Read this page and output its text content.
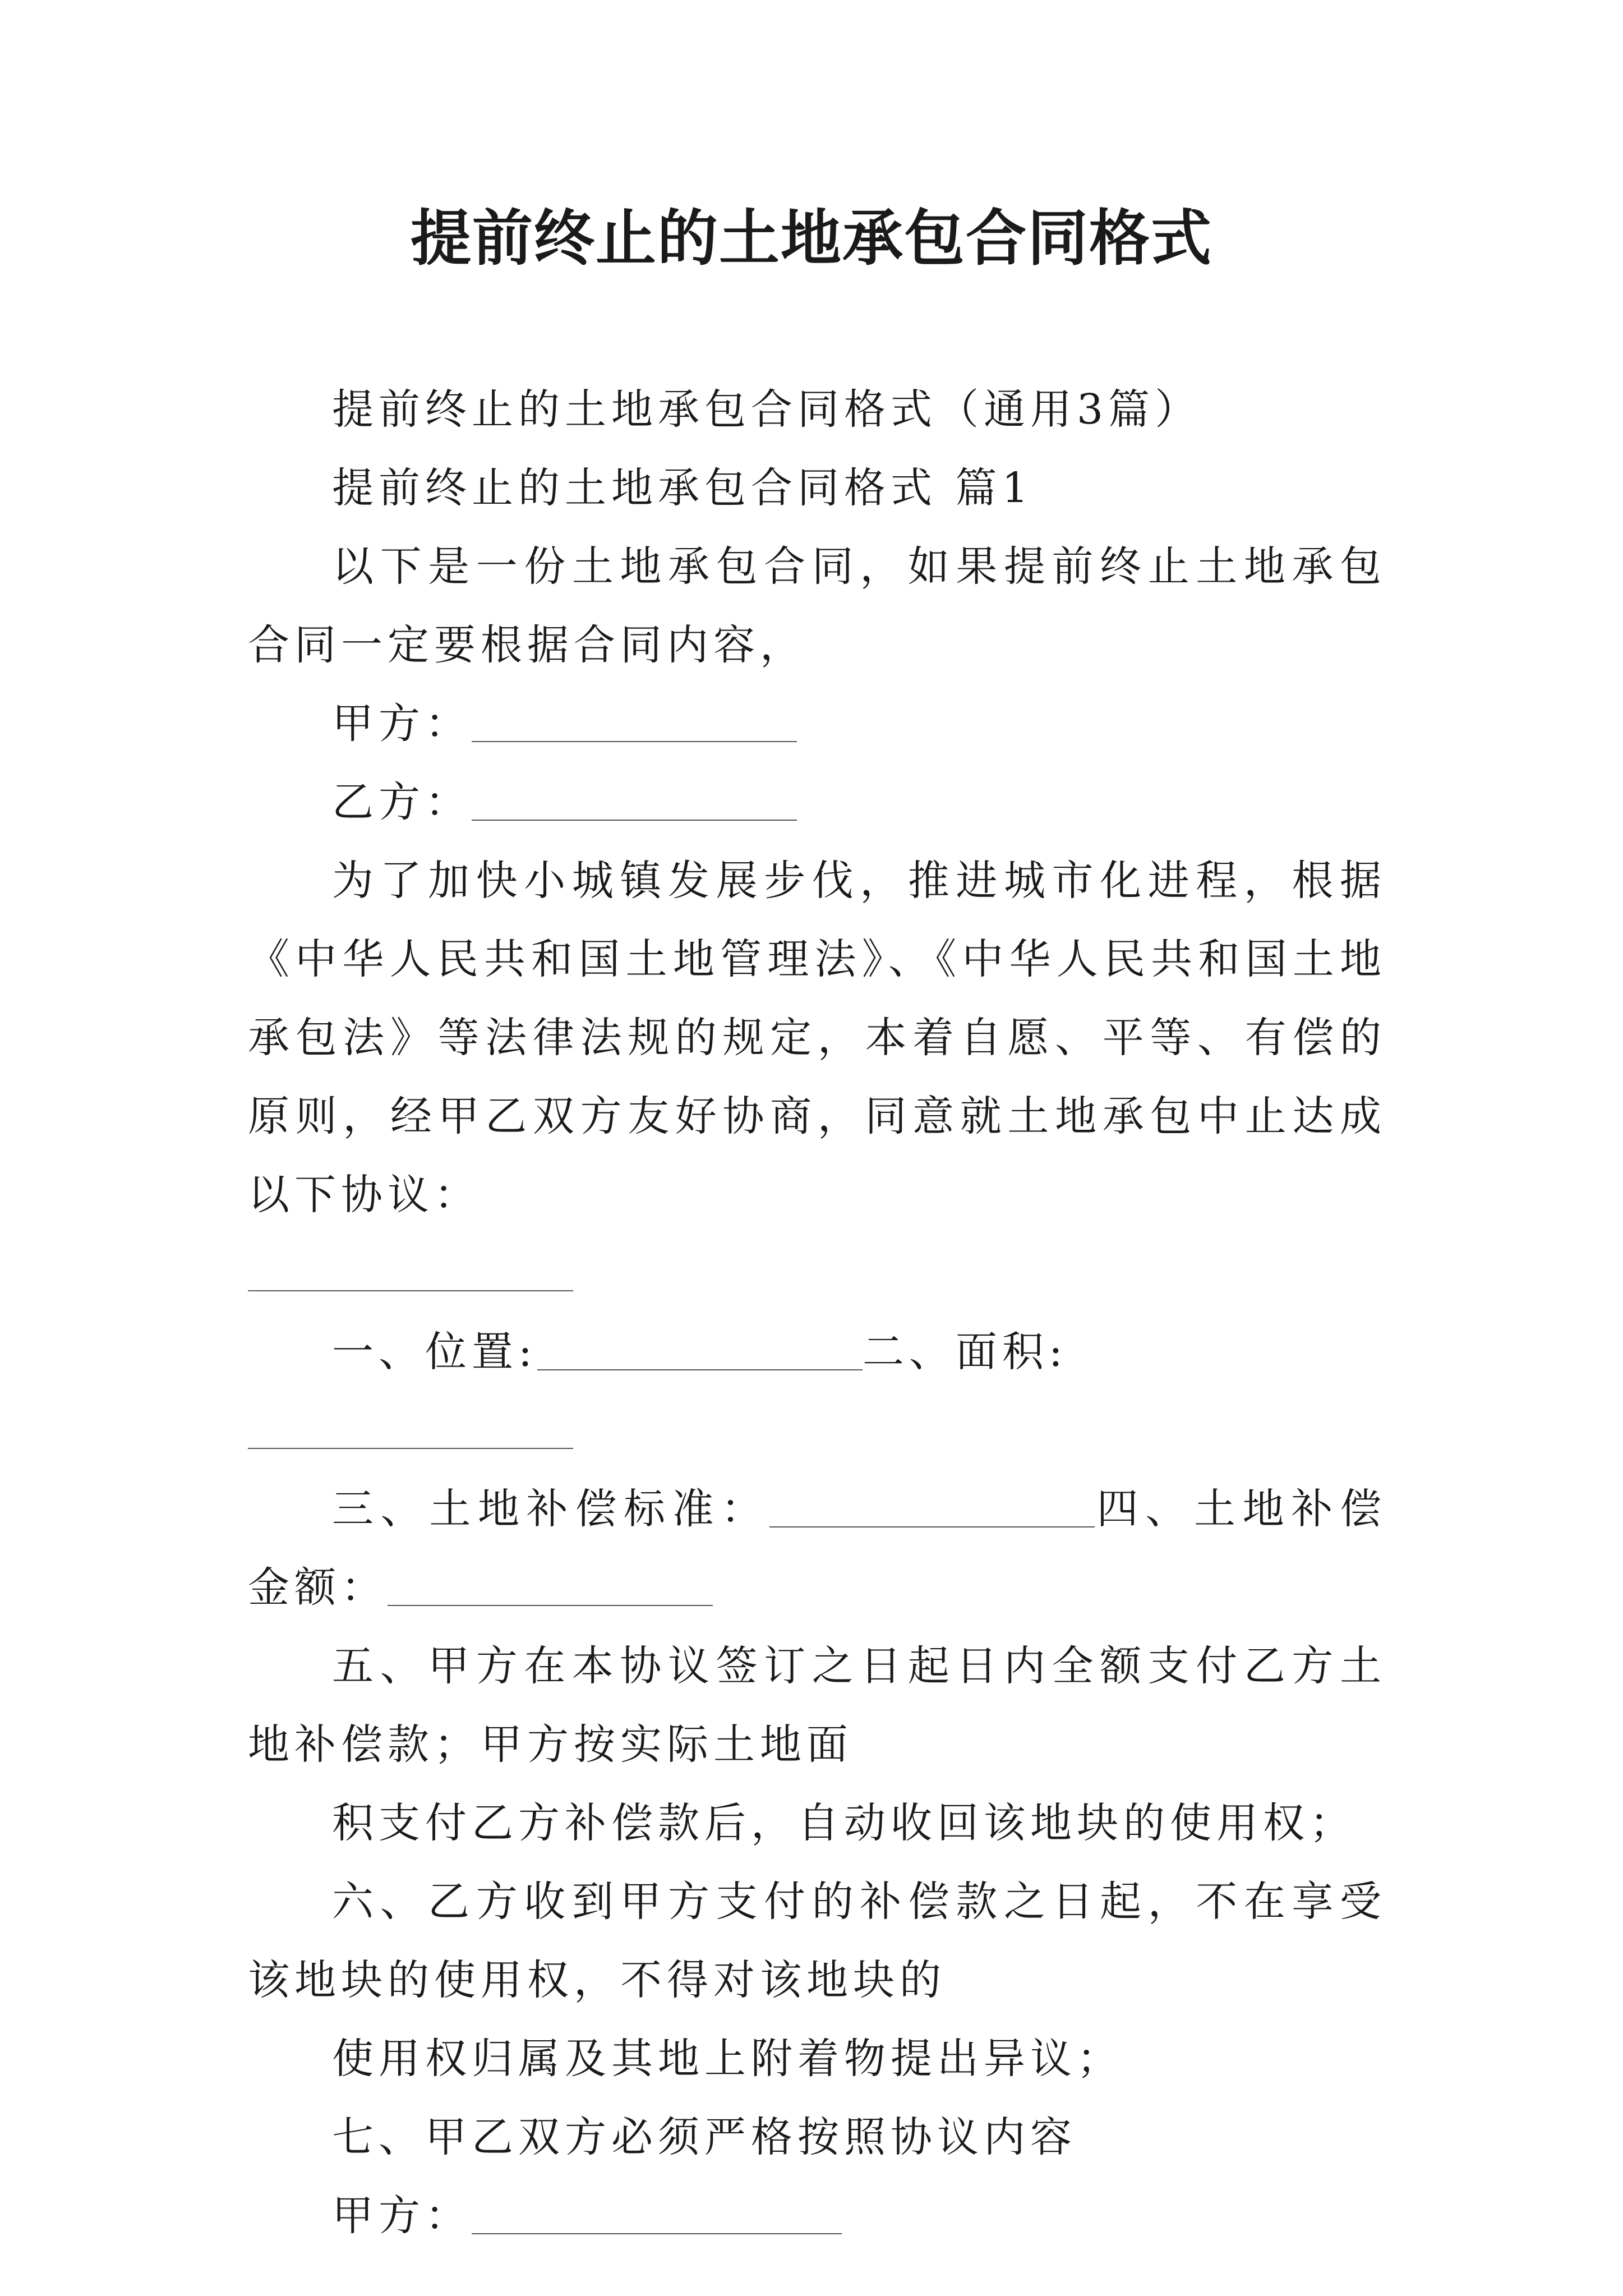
提前终止的土地承包合同格式

提前终止的土地承包合同格式（通用3篇）

提前终止的土地承包合同格式 篇1

以下是一份土地承包合同，如果提前终止土地承包合同一定要根据合同内容，

甲方：

乙方：

为了加快小城镇发展步伐，推进城市化进程，根据《中华人民共和国土地管理法》、《中华人民共和国土地承包法》等法律法规的规定，本着自愿、平等、有偿的原则，经甲乙双方友好协商，同意就土地承包中止达成以下协议：

一、位置:	二、面积:

三、土地补偿标准：	四、土地补偿金额：

五、甲方在本协议签订之日起日内全额支付乙方土地补偿款；甲方按实际土地面

积支付乙方补偿款后，自动收回该地块的使用权；

六、乙方收到甲方支付的补偿款之日起，不在享受该地块的使用权，不得对该地块的

使用权归属及其地上附着物提出异议；

七、甲乙双方必须严格按照协议内容

甲方：
